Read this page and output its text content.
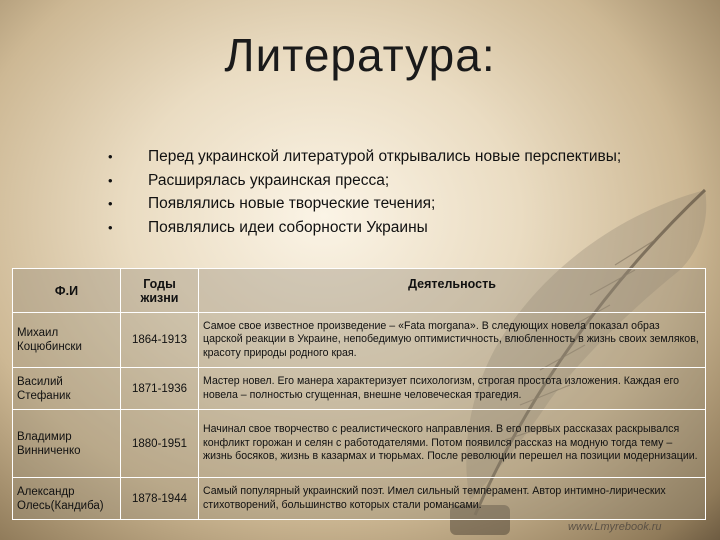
Литература:
• Перед украинской литературой открывались новые перспективы;
• Расширялась украинская пресса;
• Появлялись новые творческие течения;
• Появлялись идеи соборности Украины
Ф.И	Годы жизни	Деятельность
Михаил Коцюбински	1864-1913	Самое свое известное произведение – «Fata morgana». В следующих новела показал образ царской реакции в Украине, непобедимую оптимистичность, влюбленность в жизнь своих земляков, красоту природы родного края.
Василий Стефаник	1871-1936	Мастер новел. Его манера характеризует психологизм, строгая простота изложения. Каждая его новела – полностью сгущенная, внешне человеческая трагедия.
Владимир Винниченко	1880-1951	Начинал свое творчество с реалистического направления. В его первых рассказах раскрывался конфликт горожан и селян с работодателями. Потом появился рассказ на модную тогда тему – жизнь босяков, жизнь в казармах и тюрьмах. После революции перешел на позиции модернизации.
Александр Олесь(Кандиба)	1878-1944	Самый популярный украинский поэт. Имел сильный темперамент. Автор интимно-лирических стихотворений, большинство которых стали романсами.
www.Lmyrebook.ru
